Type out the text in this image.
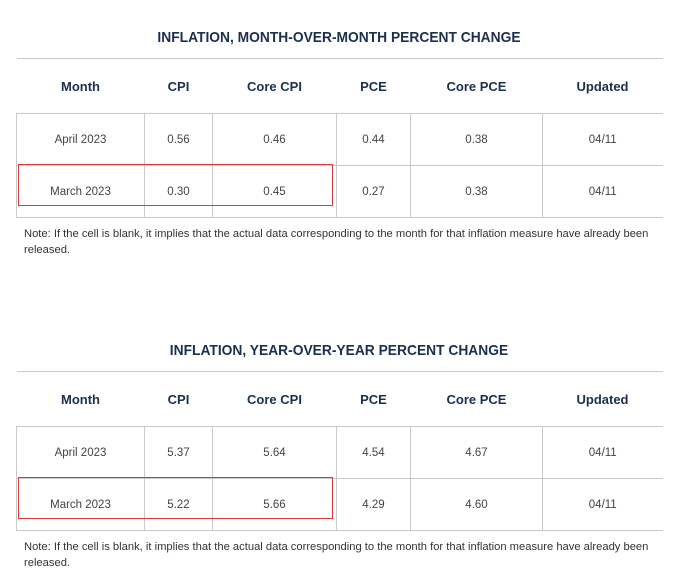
INFLATION, MONTH-OVER-MONTH PERCENT CHANGE
Month	CPI	Core CPI	PCE	Core PCE	Updated
April 2023	0.56	0.46	0.44	0.38	04/11
March 2023	0.30	0.45	0.27	0.38	04/11
Note: If the cell is blank, it implies that the actual data corresponding to the month for that inflation measure have already been released.
INFLATION, YEAR-OVER-YEAR PERCENT CHANGE
Month	CPI	Core CPI	PCE	Core PCE	Updated
April 2023	5.37	5.64	4.54	4.67	04/11
March 2023	5.22	5.66	4.29	4.60	04/11
Note: If the cell is blank, it implies that the actual data corresponding to the month for that inflation measure have already been released.
